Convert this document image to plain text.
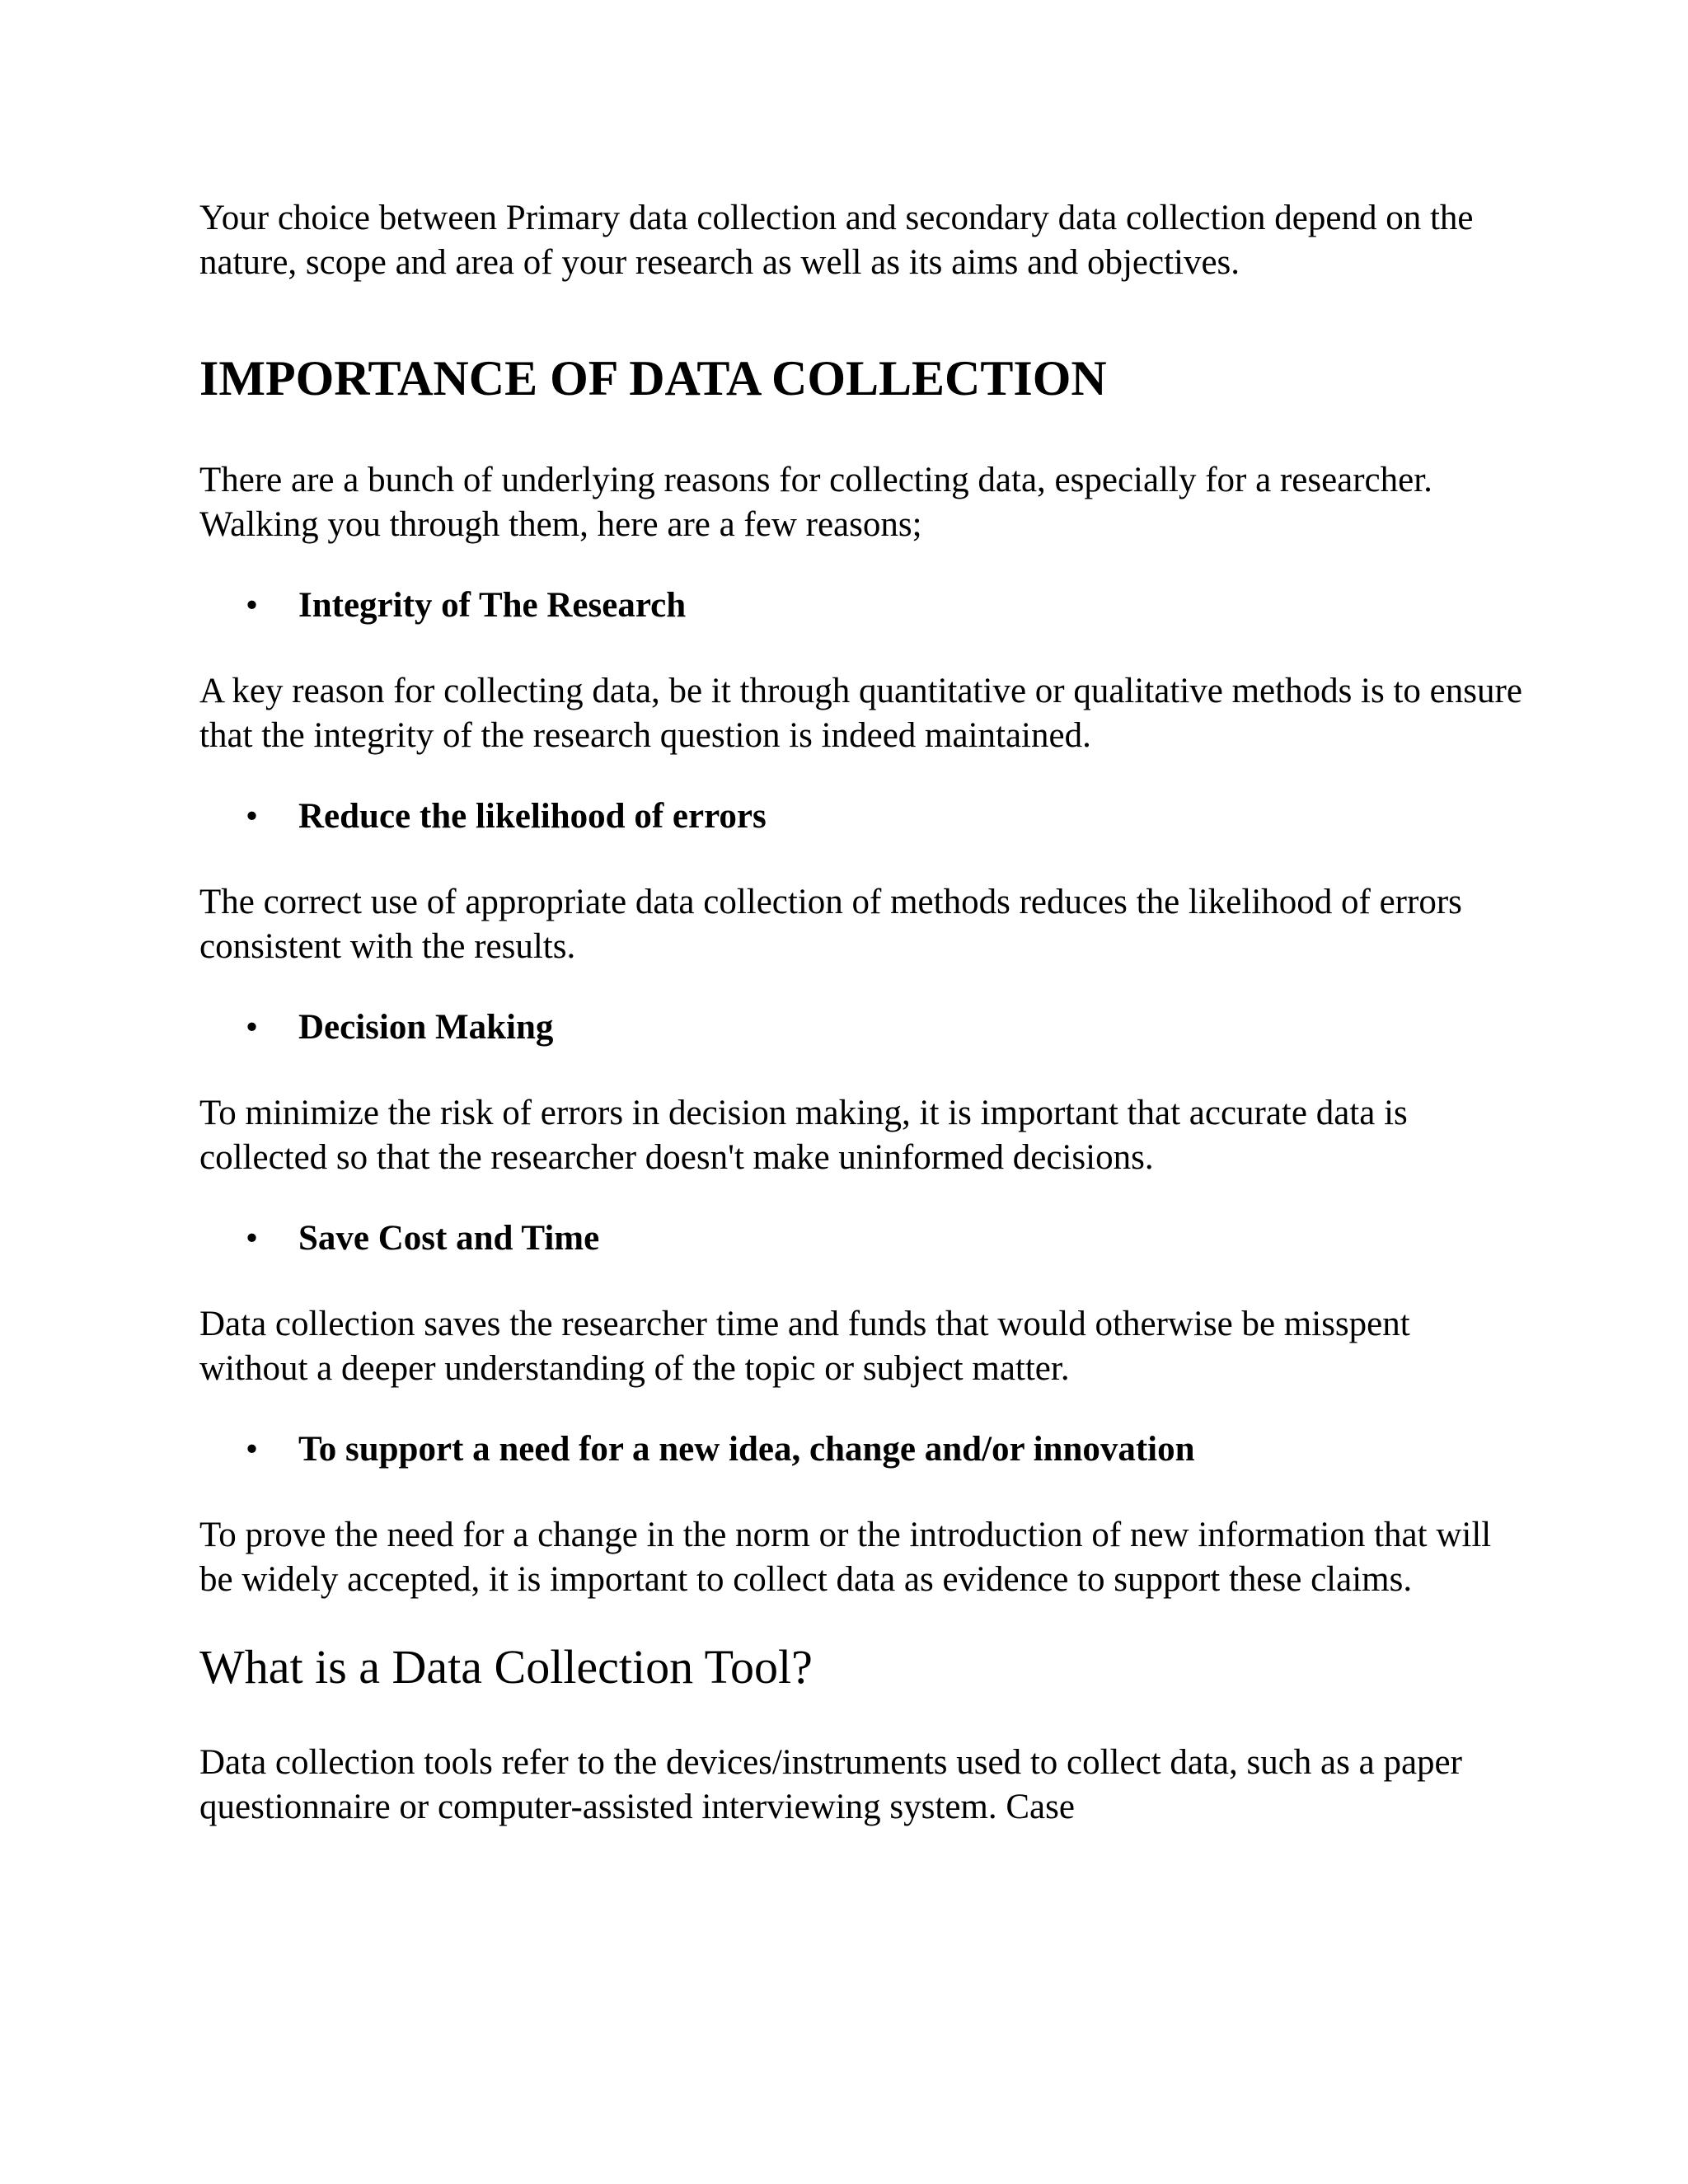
Your choice between Primary data collection and secondary data collection depend on the nature, scope and area of your research as well as its aims and objectives.

IMPORTANCE OF DATA COLLECTION

There are a bunch of underlying reasons for collecting data, especially for a researcher. Walking you through them, here are a few reasons;

• Integrity of The Research

A key reason for collecting data, be it through quantitative or qualitative methods is to ensure that the integrity of the research question is indeed maintained.

• Reduce the likelihood of errors

The correct use of appropriate data collection of methods reduces the likelihood of errors consistent with the results.

• Decision Making

To minimize the risk of errors in decision making, it is important that accurate data is collected so that the researcher doesn't make uninformed decisions.

• Save Cost and Time

Data collection saves the researcher time and funds that would otherwise be misspent without a deeper understanding of the topic or subject matter.

• To support a need for a new idea, change and/or innovation

To prove the need for a change in the norm or the introduction of new information that will be widely accepted, it is important to collect data as evidence to support these claims.

What is a Data Collection Tool?

Data collection tools refer to the devices/instruments used to collect data, such as a paper questionnaire or computer-assisted interviewing system. Case
